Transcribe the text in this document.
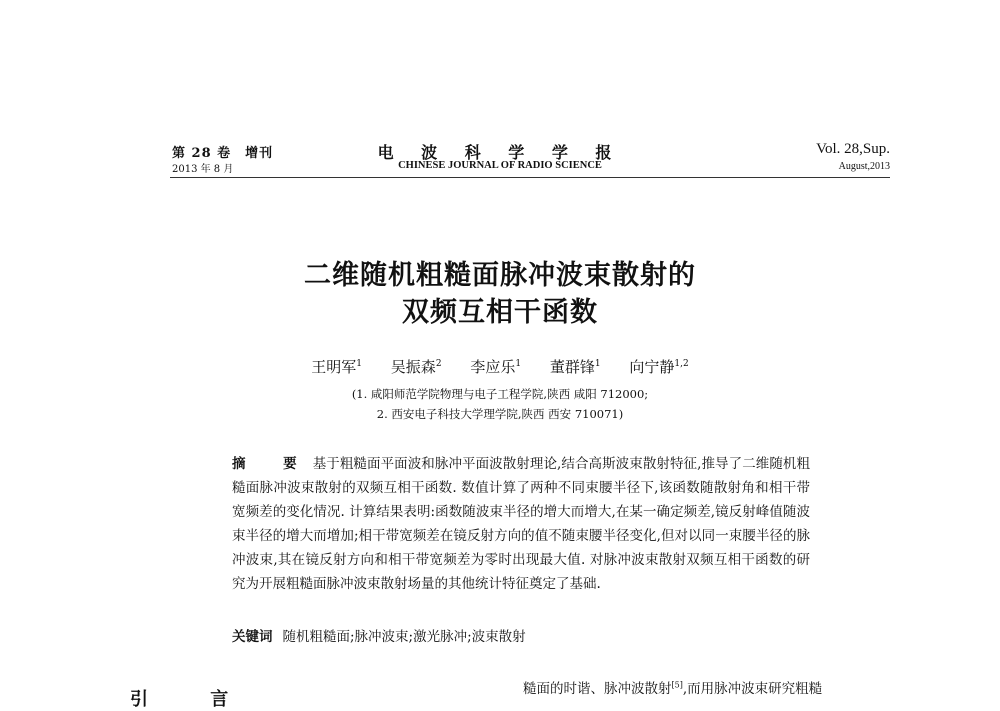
第 28 卷　增刊
2013 年 8 月
电 波 科 学 学 报
CHINESE JOURNAL OF RADIO SCIENCE
Vol. 28,Sup.
August,2013
二维随机粗糙面脉冲波束散射的
双频互相干函数
王明军$^1$ 吴振森$^2$ 李应乐$^1$ 董群锋$^1$ 向宁静$^{1,2}$
(1. 咸阳师范学院物理与电子工程学院,陕西 咸阳 712000;
2. 西安电子科技大学理学院,陕西 西安 710071)
摘　要 基于粗糙面平面波和脉冲平面波散射理论,结合高斯波束散射特征,推导了二维随机粗糙面脉冲波束散射的双频互相干函数. 数值计算了两种不同束腰半径下,该函数随散射角和相干带宽频差的变化情况. 计算结果表明:函数随波束半径的增大而增大,在某一确定频差,镜反射峰值随波束半径的增大而增加;相干带宽频差在镜反射方向的值不随束腰半径变化,但对以同一束腰半径的脉冲波束,其在镜反射方向和相干带宽频差为零时出现最大值. 对脉冲波束散射双频互相干函数的研究为开展粗糙面脉冲波束散射场量的其他统计特征奠定了基础.
关键词 随机粗糙面;脉冲波束;激光脉冲;波束散射
引 言	糙面的时谐、脉冲波散射[5],而用脉冲波束研究粗糙
